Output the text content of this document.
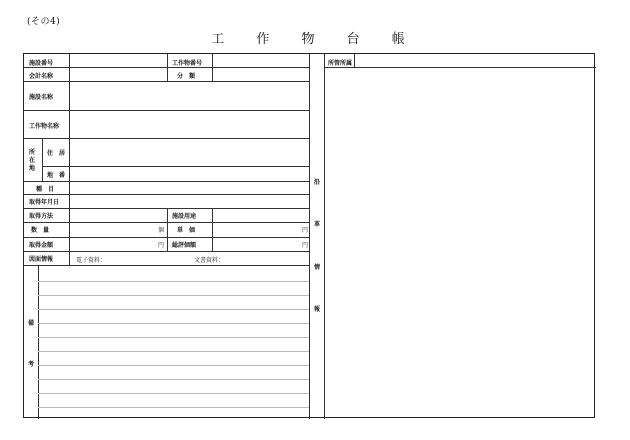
(その4)
工 作 物 台 帳
施設番号	工作物番号
会計名称	分　類
施設名称
工作物名称
所
在
地
住　居
地　番
種　目
取得年月日
取得方法	施設用途
数　量	個 単　価	円
取得金額	円 総評価額	円
図面情報	電子資料：	文書資料：
備
考
沿
革
情
報
所管所属
